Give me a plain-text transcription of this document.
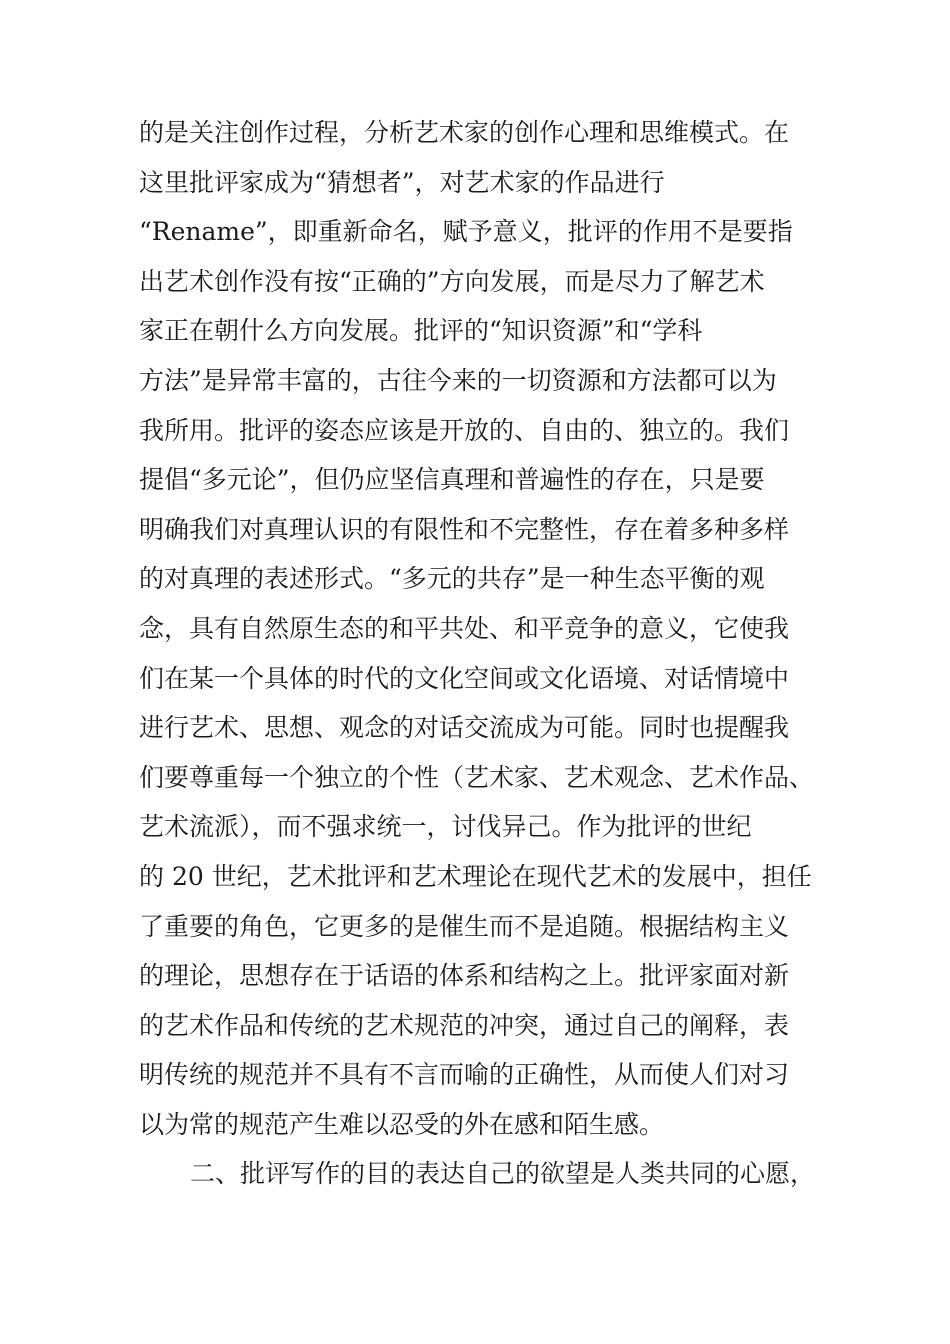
的是关注创作过程，分析艺术家的创作心理和思维模式。在
这里批评家成为“猜想者”，对艺术家的作品进行
“Rename”，即重新命名，赋予意义，批评的作用不是要指
出艺术创作没有按“正确的”方向发展，而是尽力了解艺术
家正在朝什么方向发展。批评的“知识资源”和“学科
方法”是异常丰富的，古往今来的一切资源和方法都可以为
我所用。批评的姿态应该是开放的、自由的、独立的。我们
提倡“多元论”，但仍应坚信真理和普遍性的存在，只是要
明确我们对真理认识的有限性和不完整性，存在着多种多样
的对真理的表述形式。“多元的共存”是一种生态平衡的观
念，具有自然原生态的和平共处、和平竞争的意义，它使我
们在某一个具体的时代的文化空间或文化语境、对话情境中
进行艺术、思想、观念的对话交流成为可能。同时也提醒我
们要尊重每一个独立的个性（艺术家、艺术观念、艺术作品、
艺术流派），而不强求统一，讨伐异己。作为批评的世纪
的 20 世纪，艺术批评和艺术理论在现代艺术的发展中，担任
了重要的角色，它更多的是催生而不是追随。根据结构主义
的理论，思想存在于话语的体系和结构之上。批评家面对新
的艺术作品和传统的艺术规范的冲突，通过自己的阐释，表
明传统的规范并不具有不言而喻的正确性，从而使人们对习
以为常的规范产生难以忍受的外在感和陌生感。
二、批评写作的目的表达自己的欲望是人类共同的心愿，
